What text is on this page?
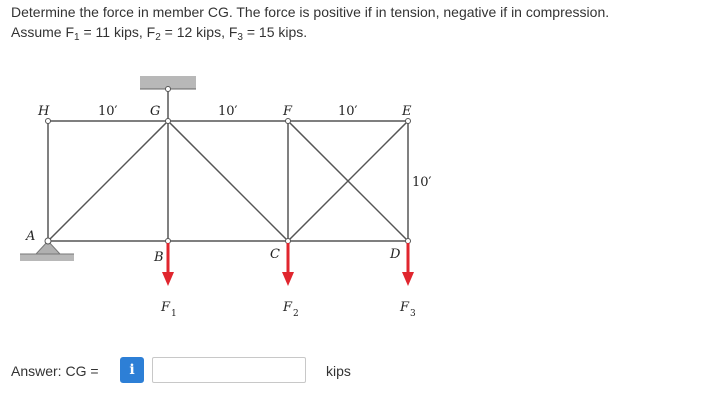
Determine the force in member CG. The force is positive if in tension, negative if in compression.
Assume $F_1 = 11$ kips, $F_2 = 12$ kips, $F_3 = 15$ kips.
H	G	F	E
A
B	C	D
10′	10′	10′
10′
F 1	F 2	F 3
Answer: CG =	i	kips
